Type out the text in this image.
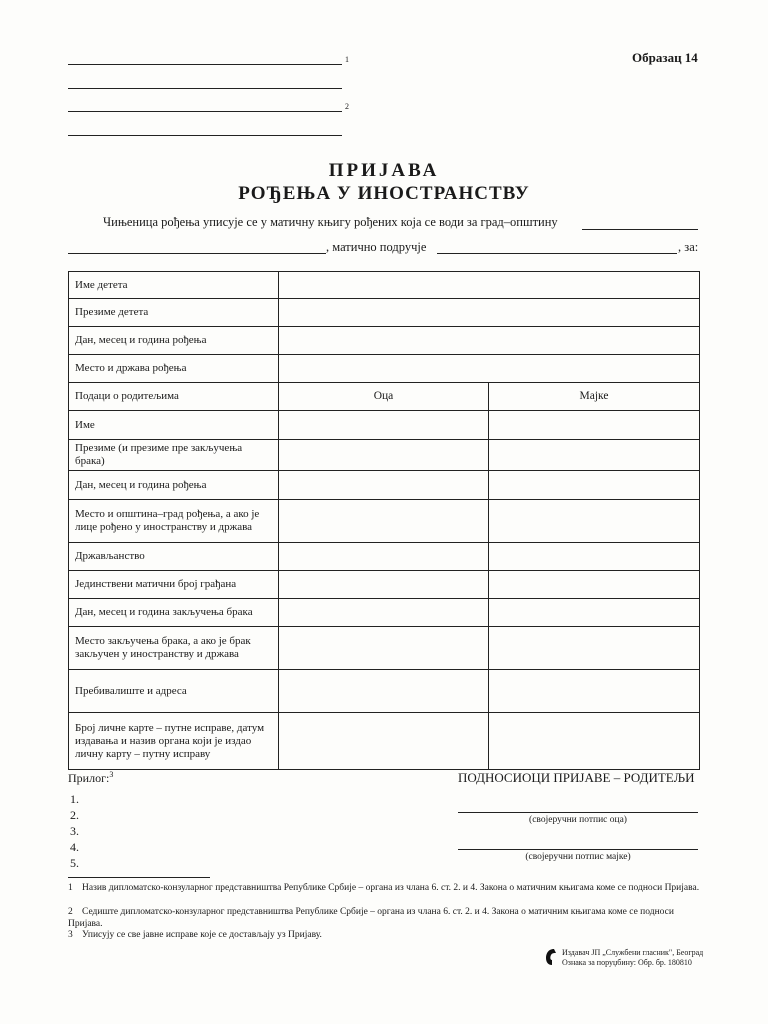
1
2
Образац 14
ПРИЈАВА
РОЂЕЊА У ИНОСТРАНСТВУ
Чињеница рођења уписује се у матичну књигу рођених која се води за град–општину
, матично подручје	, за:
Име детета		
Презиме детета		
Дан, месец и година рођења		
Место и држава рођења		
Подаци о родитељима	Оца	Мајке
Име		
Презиме (и презиме пре закључења брака)		
Дан, месец и година рођења		
Место и општина–град рођења, а ако је лице рођено у иностранству и држава		
Држављанство		
Јединствени матични број грађана		
Дан, месец и година закључења брака		
Место закључења брака, а ако је брак закључен у иностранству и држава		
Пребивалиште и адреса		
Број личне карте – путне исправе, датум издавања и назив органа који је издао личну карту – путну исправу		
Прилог:$^3$
1.
2.
3.
4.
5.
ПОДНОСИОЦИ ПРИЈАВЕ – РОДИТЕЉИ
(својеручни потпис оца)
(својеручни потпис мајке)
1 Назив дипломатско-конзуларног представништва Републике Србије – органа из члана 6. ст. 2. и 4. Закона о матичним књигама коме се подноси Пријава.
2 Седиште дипломатско-конзуларног представништва Републике Србије – органа из члана 6. ст. 2. и 4. Закона о матичним књигама коме се подноси Пријава.
3 Уписују се све јавне исправе које се достављају уз Пријаву.
Издавач ЈП „Службени гласник", Београд
Ознака за поруџбину: Обр. бр. 180810
